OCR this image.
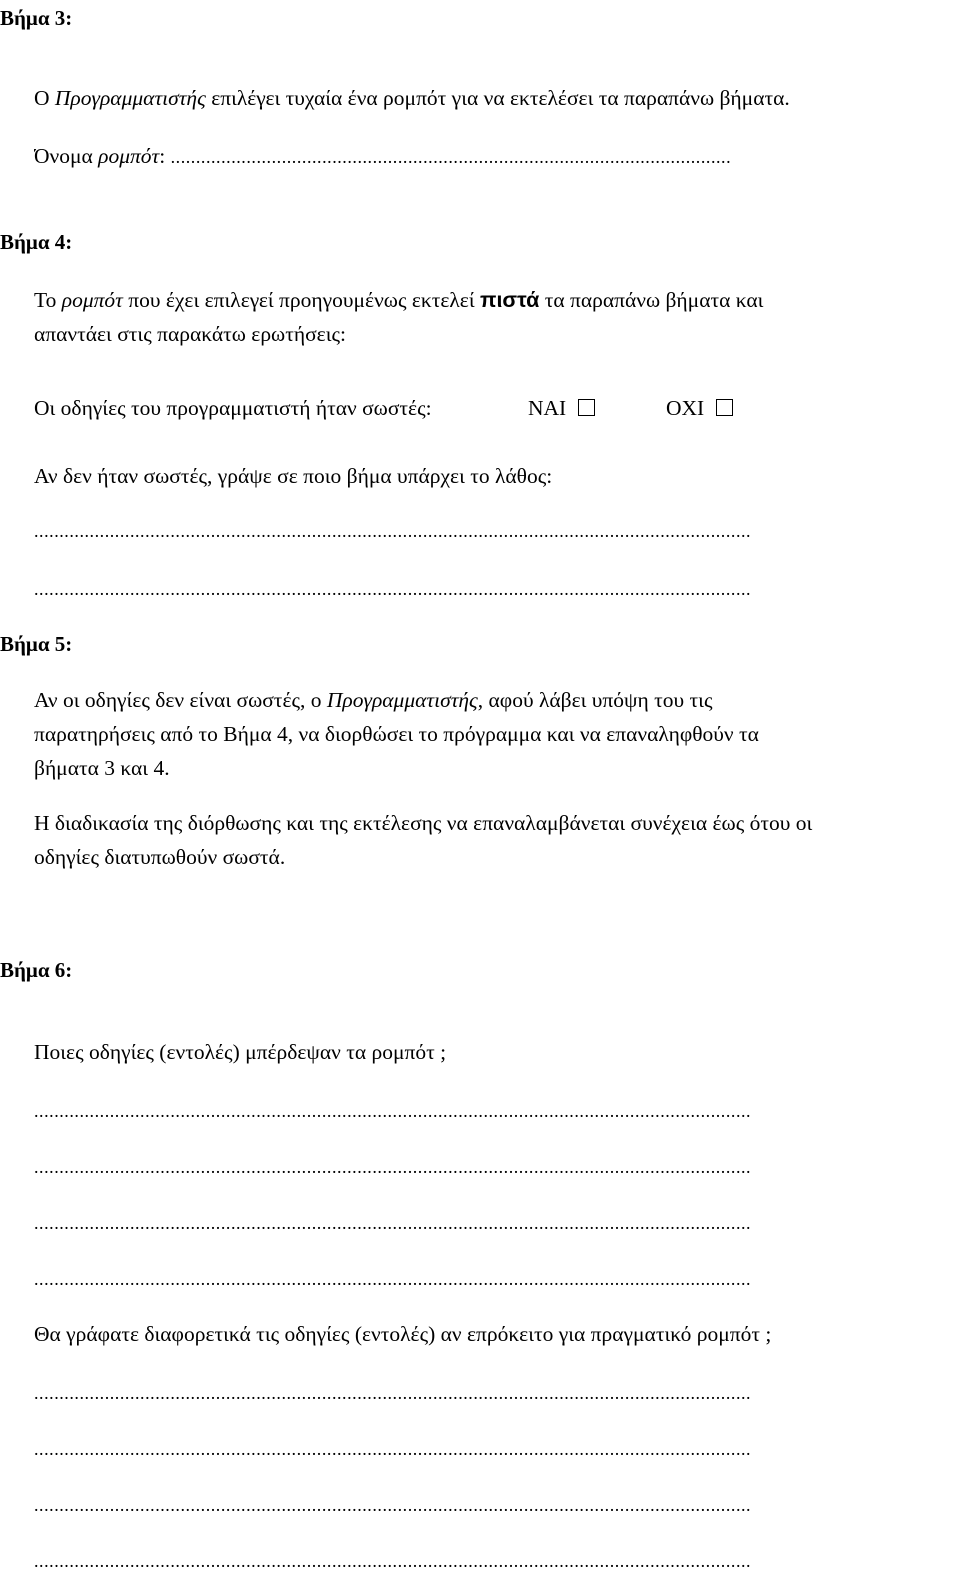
Βήμα 3:
Ο Προγραμματιστής επιλέγει τυχαία ένα ρομπότ για να εκτελέσει τα παραπάνω βήματα.
Όνομα ρομπότ: ...............................................................................................................
Βήμα 4:
Το ρομπότ που έχει επιλεγεί προηγουμένως εκτελεί πιστά τα παραπάνω βήματα και
απαντάει στις παρακάτω ερωτήσεις:
Οι οδηγίες του προγραμματιστή ήταν σωστές:	ΝΑΙ	ΟΧΙ
Αν δεν ήταν σωστές, γράψε σε ποιο βήμα υπάρχει το λάθος:
..............................................................................................................................................
..............................................................................................................................................
Βήμα 5:
Αν οι οδηγίες δεν είναι σωστές, ο Προγραμματιστής, αφού λάβει υπόψη του τις
παρατηρήσεις από το Βήμα 4, να διορθώσει το πρόγραμμα και να επαναληφθούν τα
βήματα 3 και 4.
Η διαδικασία της διόρθωσης και της εκτέλεσης να επαναλαμβάνεται συνέχεια έως ότου οι
οδηγίες διατυπωθούν σωστά.
Βήμα 6:
Ποιες οδηγίες (εντολές) μπέρδεψαν τα ρομπότ ;
..............................................................................................................................................
..............................................................................................................................................
..............................................................................................................................................
..............................................................................................................................................
Θα γράφατε διαφορετικά τις οδηγίες (εντολές) αν επρόκειτο για πραγματικό ρομπότ ;
..............................................................................................................................................
..............................................................................................................................................
..............................................................................................................................................
..............................................................................................................................................
